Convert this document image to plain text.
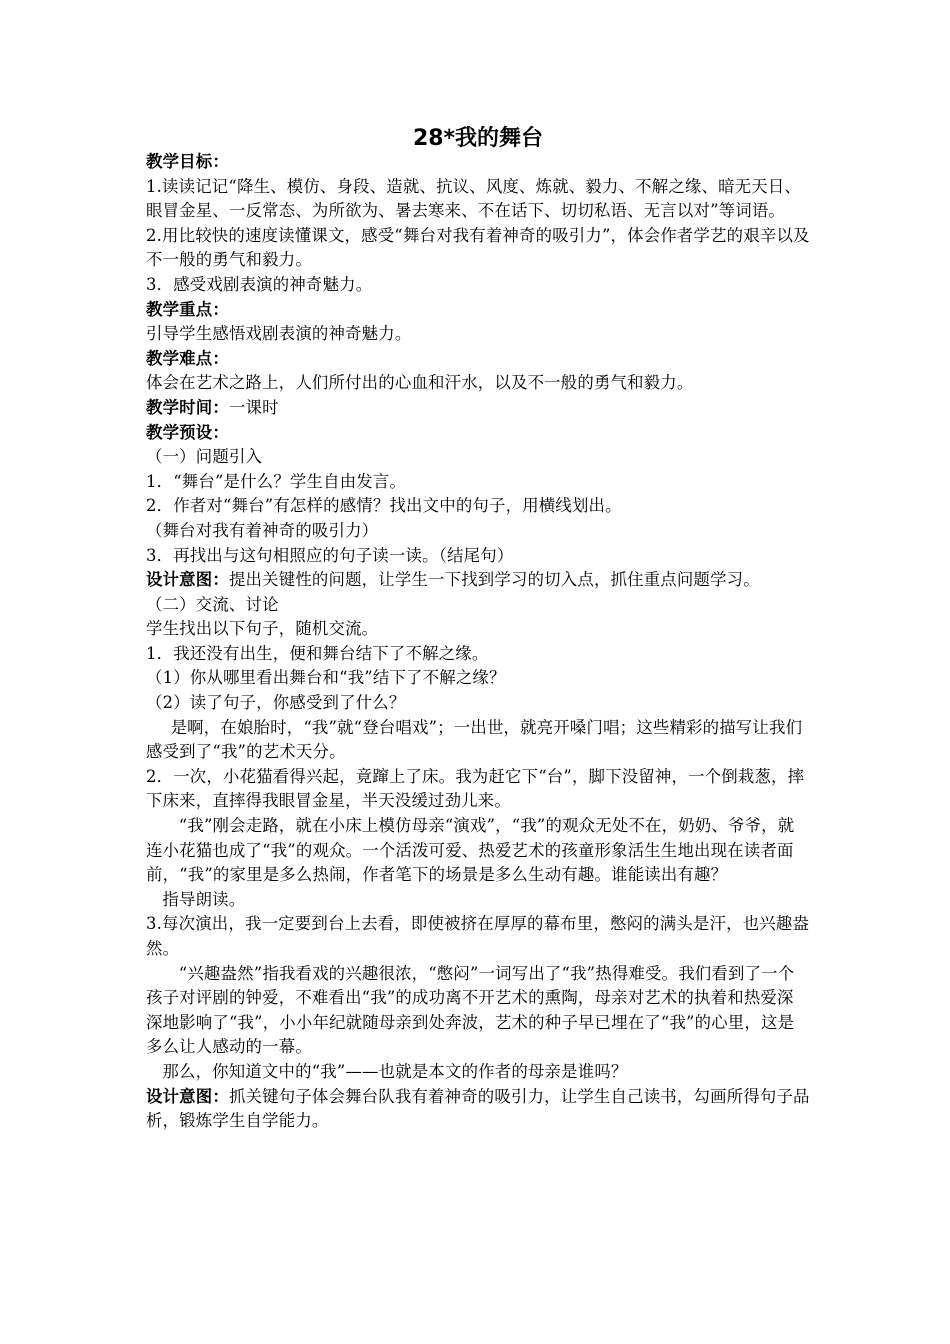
28*我的舞台

教学目标：

1.读读记记“降生、模仿、身段、造就、抗议、风度、炼就、毅力、不解之缘、暗无天日、眼冒金星、一反常态、为所欲为、暑去寒来、不在话下、切切私语、无言以对”等词语。

2.用比较快的速度读懂课文，感受“舞台对我有着神奇的吸引力”，体会作者学艺的艰辛以及不一般的勇气和毅力。

3．感受戏剧表演的神奇魅力。

教学重点：

引导学生感悟戏剧表演的神奇魅力。

教学难点：

体会在艺术之路上，人们所付出的心血和汗水，以及不一般的勇气和毅力。

教学时间：一课时

教学预设：

（一）问题引入

1．“舞台”是什么？学生自由发言。

2．作者对“舞台”有怎样的感情？找出文中的句子，用横线划出。

（舞台对我有着神奇的吸引力）

3．再找出与这句相照应的句子读一读。（结尾句）

设计意图：提出关键性的问题，让学生一下找到学习的切入点，抓住重点问题学习。

（二）交流、讨论

学生找出以下句子，随机交流。

1．我还没有出生，便和舞台结下了不解之缘。

（1）你从哪里看出舞台和“我”结下了不解之缘？

（2）读了句子，你感受到了什么？

是啊，在娘胎时，“我”就“登台唱戏”；一出世，就亮开嗓门唱；这些精彩的描写让我们感受到了“我”的艺术天分。

2．一次，小花猫看得兴起，竟蹿上了床。我为赶它下“台”，脚下没留神，一个倒栽葱，摔下床来，直摔得我眼冒金星，半天没缓过劲儿来。

“我”刚会走路，就在小床上模仿母亲“演戏”，“我”的观众无处不在，奶奶、爷爷，就连小花猫也成了“我”的观众。一个活泼可爱、热爱艺术的孩童形象活生生地出现在读者面前，“我”的家里是多么热闹，作者笔下的场景是多么生动有趣。谁能读出有趣？

指导朗读。

3.每次演出，我一定要到台上去看，即使被挤在厚厚的幕布里，憋闷的满头是汗，也兴趣盎然。

“兴趣盎然”指我看戏的兴趣很浓，“憋闷”一词写出了“我”热得难受。我们看到了一个孩子对评剧的钟爱，不难看出“我”的成功离不开艺术的熏陶，母亲对艺术的执着和热爱深深地影响了“我”，小小年纪就随母亲到处奔波，艺术的种子早已埋在了“我”的心里，这是多么让人感动的一幕。

那么，你知道文中的“我”——也就是本文的作者的母亲是谁吗？

设计意图：抓关键句子体会舞台队我有着神奇的吸引力，让学生自己读书，勾画所得句子品析，锻炼学生自学能力。
